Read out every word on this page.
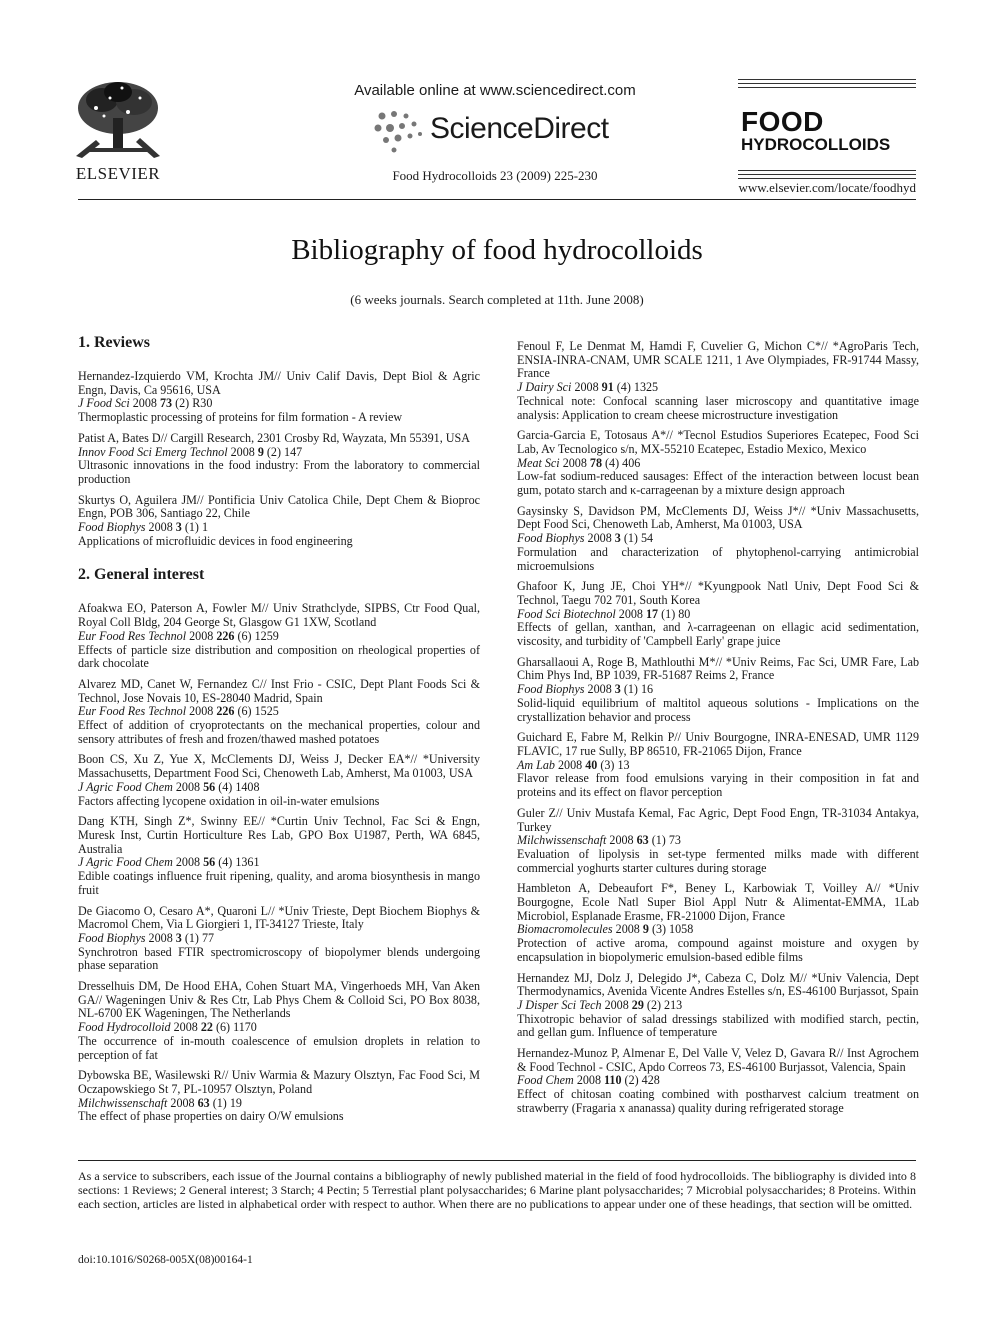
ELSEVIER
Available online at www.sciencedirect.com
ScienceDirect
Food Hydrocolloids 23 (2009) 225-230
FOOD
HYDROCOLLOIDS
www.elsevier.com/locate/foodhyd
Bibliography of food hydrocolloids
(6 weeks journals. Search completed at 11th. June 2008)
1. Reviews
Hernandez-Izquierdo VM, Krochta JM// Univ Calif Davis, Dept Biol & Agric Engn, Davis, Ca 95616, USA
J Food Sci 2008 73 (2) R30
Thermoplastic processing of proteins for film formation - A review
Patist A, Bates D// Cargill Research, 2301 Crosby Rd, Wayzata, Mn 55391, USA
Innov Food Sci Emerg Technol 2008 9 (2) 147
Ultrasonic innovations in the food industry: From the laboratory to commercial production
Skurtys O, Aguilera JM// Pontificia Univ Catolica Chile, Dept Chem & Bioproc Engn, POB 306, Santiago 22, Chile
Food Biophys 2008 3 (1) 1
Applications of microfluidic devices in food engineering
2. General interest
Afoakwa EO, Paterson A, Fowler M// Univ Strathclyde, SIPBS, Ctr Food Qual, Royal Coll Bldg, 204 George St, Glasgow G1 1XW, Scotland
Eur Food Res Technol 2008 226 (6) 1259
Effects of particle size distribution and composition on rheological properties of dark chocolate
Alvarez MD, Canet W, Fernandez C// Inst Frio - CSIC, Dept Plant Foods Sci & Technol, Jose Novais 10, ES-28040 Madrid, Spain
Eur Food Res Technol 2008 226 (6) 1525
Effect of addition of cryoprotectants on the mechanical properties, colour and sensory attributes of fresh and frozen/thawed mashed potatoes
Boon CS, Xu Z, Yue X, McClements DJ, Weiss J, Decker EA*// *University Massachusetts, Department Food Sci, Chenoweth Lab, Amherst, Ma 01003, USA
J Agric Food Chem 2008 56 (4) 1408
Factors affecting lycopene oxidation in oil-in-water emulsions
Dang KTH, Singh Z*, Swinny EE// *Curtin Univ Technol, Fac Sci & Engn, Muresk Inst, Curtin Horticulture Res Lab, GPO Box U1987, Perth, WA 6845, Australia
J Agric Food Chem 2008 56 (4) 1361
Edible coatings influence fruit ripening, quality, and aroma biosynthesis in mango fruit
De Giacomo O, Cesaro A*, Quaroni L// *Univ Trieste, Dept Biochem Biophys & Macromol Chem, Via L Giorgieri 1, IT-34127 Trieste, Italy
Food Biophys 2008 3 (1) 77
Synchrotron based FTIR spectromicroscopy of biopolymer blends undergoing phase separation
Dresselhuis DM, De Hood EHA, Cohen Stuart MA, Vingerhoeds MH, Van Aken GA// Wageningen Univ & Res Ctr, Lab Phys Chem & Colloid Sci, PO Box 8038, NL-6700 EK Wageningen, The Netherlands
Food Hydrocolloid 2008 22 (6) 1170
The occurrence of in-mouth coalescence of emulsion droplets in relation to perception of fat
Dybowska BE, Wasilewski R// Univ Warmia & Mazury Olsztyn, Fac Food Sci, M Oczapowskiego St 7, PL-10957 Olsztyn, Poland
Milchwissenschaft 2008 63 (1) 19
The effect of phase properties on dairy O/W emulsions
Fenoul F, Le Denmat M, Hamdi F, Cuvelier G, Michon C*// *AgroParis Tech, ENSIA-INRA-CNAM, UMR SCALE 1211, 1 Ave Olympiades, FR-91744 Massy, France
J Dairy Sci 2008 91 (4) 1325
Technical note: Confocal scanning laser microscopy and quantitative image analysis: Application to cream cheese microstructure investigation
Garcia-Garcia E, Totosaus A*// *Tecnol Estudios Superiores Ecatepec, Food Sci Lab, Av Tecnologico s/n, MX-55210 Ecatepec, Estadio Mexico, Mexico
Meat Sci 2008 78 (4) 406
Low-fat sodium-reduced sausages: Effect of the interaction between locust bean gum, potato starch and κ-carrageenan by a mixture design approach
Gaysinsky S, Davidson PM, McClements DJ, Weiss J*// *Univ Massachusetts, Dept Food Sci, Chenoweth Lab, Amherst, Ma 01003, USA
Food Biophys 2008 3 (1) 54
Formulation and characterization of phytophenol-carrying antimicrobial microemulsions
Ghafoor K, Jung JE, Choi YH*// *Kyungpook Natl Univ, Dept Food Sci & Technol, Taegu 702 701, South Korea
Food Sci Biotechnol 2008 17 (1) 80
Effects of gellan, xanthan, and λ-carrageenan on ellagic acid sedimentation, viscosity, and turbidity of 'Campbell Early' grape juice
Gharsallaoui A, Roge B, Mathlouthi M*// *Univ Reims, Fac Sci, UMR Fare, Lab Chim Phys Ind, BP 1039, FR-51687 Reims 2, France
Food Biophys 2008 3 (1) 16
Solid-liquid equilibrium of maltitol aqueous solutions - Implications on the crystallization behavior and process
Guichard E, Fabre M, Relkin P// Univ Bourgogne, INRA-ENESAD, UMR 1129 FLAVIC, 17 rue Sully, BP 86510, FR-21065 Dijon, France
Am Lab 2008 40 (3) 13
Flavor release from food emulsions varying in their composition in fat and proteins and its effect on flavor perception
Guler Z// Univ Mustafa Kemal, Fac Agric, Dept Food Engn, TR-31034 Antakya, Turkey
Milchwissenschaft 2008 63 (1) 73
Evaluation of lipolysis in set-type fermented milks made with different commercial yoghurts starter cultures during storage
Hambleton A, Debeaufort F*, Beney L, Karbowiak T, Voilley A// *Univ Bourgogne, Ecole Natl Super Biol Appl Nutr & Alimentat-EMMA, 1Lab Microbiol, Esplanade Erasme, FR-21000 Dijon, France
Biomacromolecules 2008 9 (3) 1058
Protection of active aroma, compound against moisture and oxygen by encapsulation in biopolymeric emulsion-based edible films
Hernandez MJ, Dolz J, Delegido J*, Cabeza C, Dolz M// *Univ Valencia, Dept Thermodynamics, Avenida Vicente Andres Estelles s/n, ES-46100 Burjassot, Spain
J Disper Sci Tech 2008 29 (2) 213
Thixotropic behavior of salad dressings stabilized with modified starch, pectin, and gellan gum. Influence of temperature
Hernandez-Munoz P, Almenar E, Del Valle V, Velez D, Gavara R// Inst Agrochem & Food Technol - CSIC, Apdo Correos 73, ES-46100 Burjassot, Valencia, Spain
Food Chem 2008 110 (2) 428
Effect of chitosan coating combined with postharvest calcium treatment on strawberry (Fragaria x ananassa) quality during refrigerated storage
As a service to subscribers, each issue of the Journal contains a bibliography of newly published material in the field of food hydrocolloids. The bibliography is divided into 8 sections: 1 Reviews; 2 General interest; 3 Starch; 4 Pectin; 5 Terrestial plant polysaccharides; 6 Marine plant polysaccharides; 7 Microbial polysaccharides; 8 Proteins. Within each section, articles are listed in alphabetical order with respect to author. When there are no publications to appear under one of these headings, that section will be omitted.
doi:10.1016/S0268-005X(08)00164-1
